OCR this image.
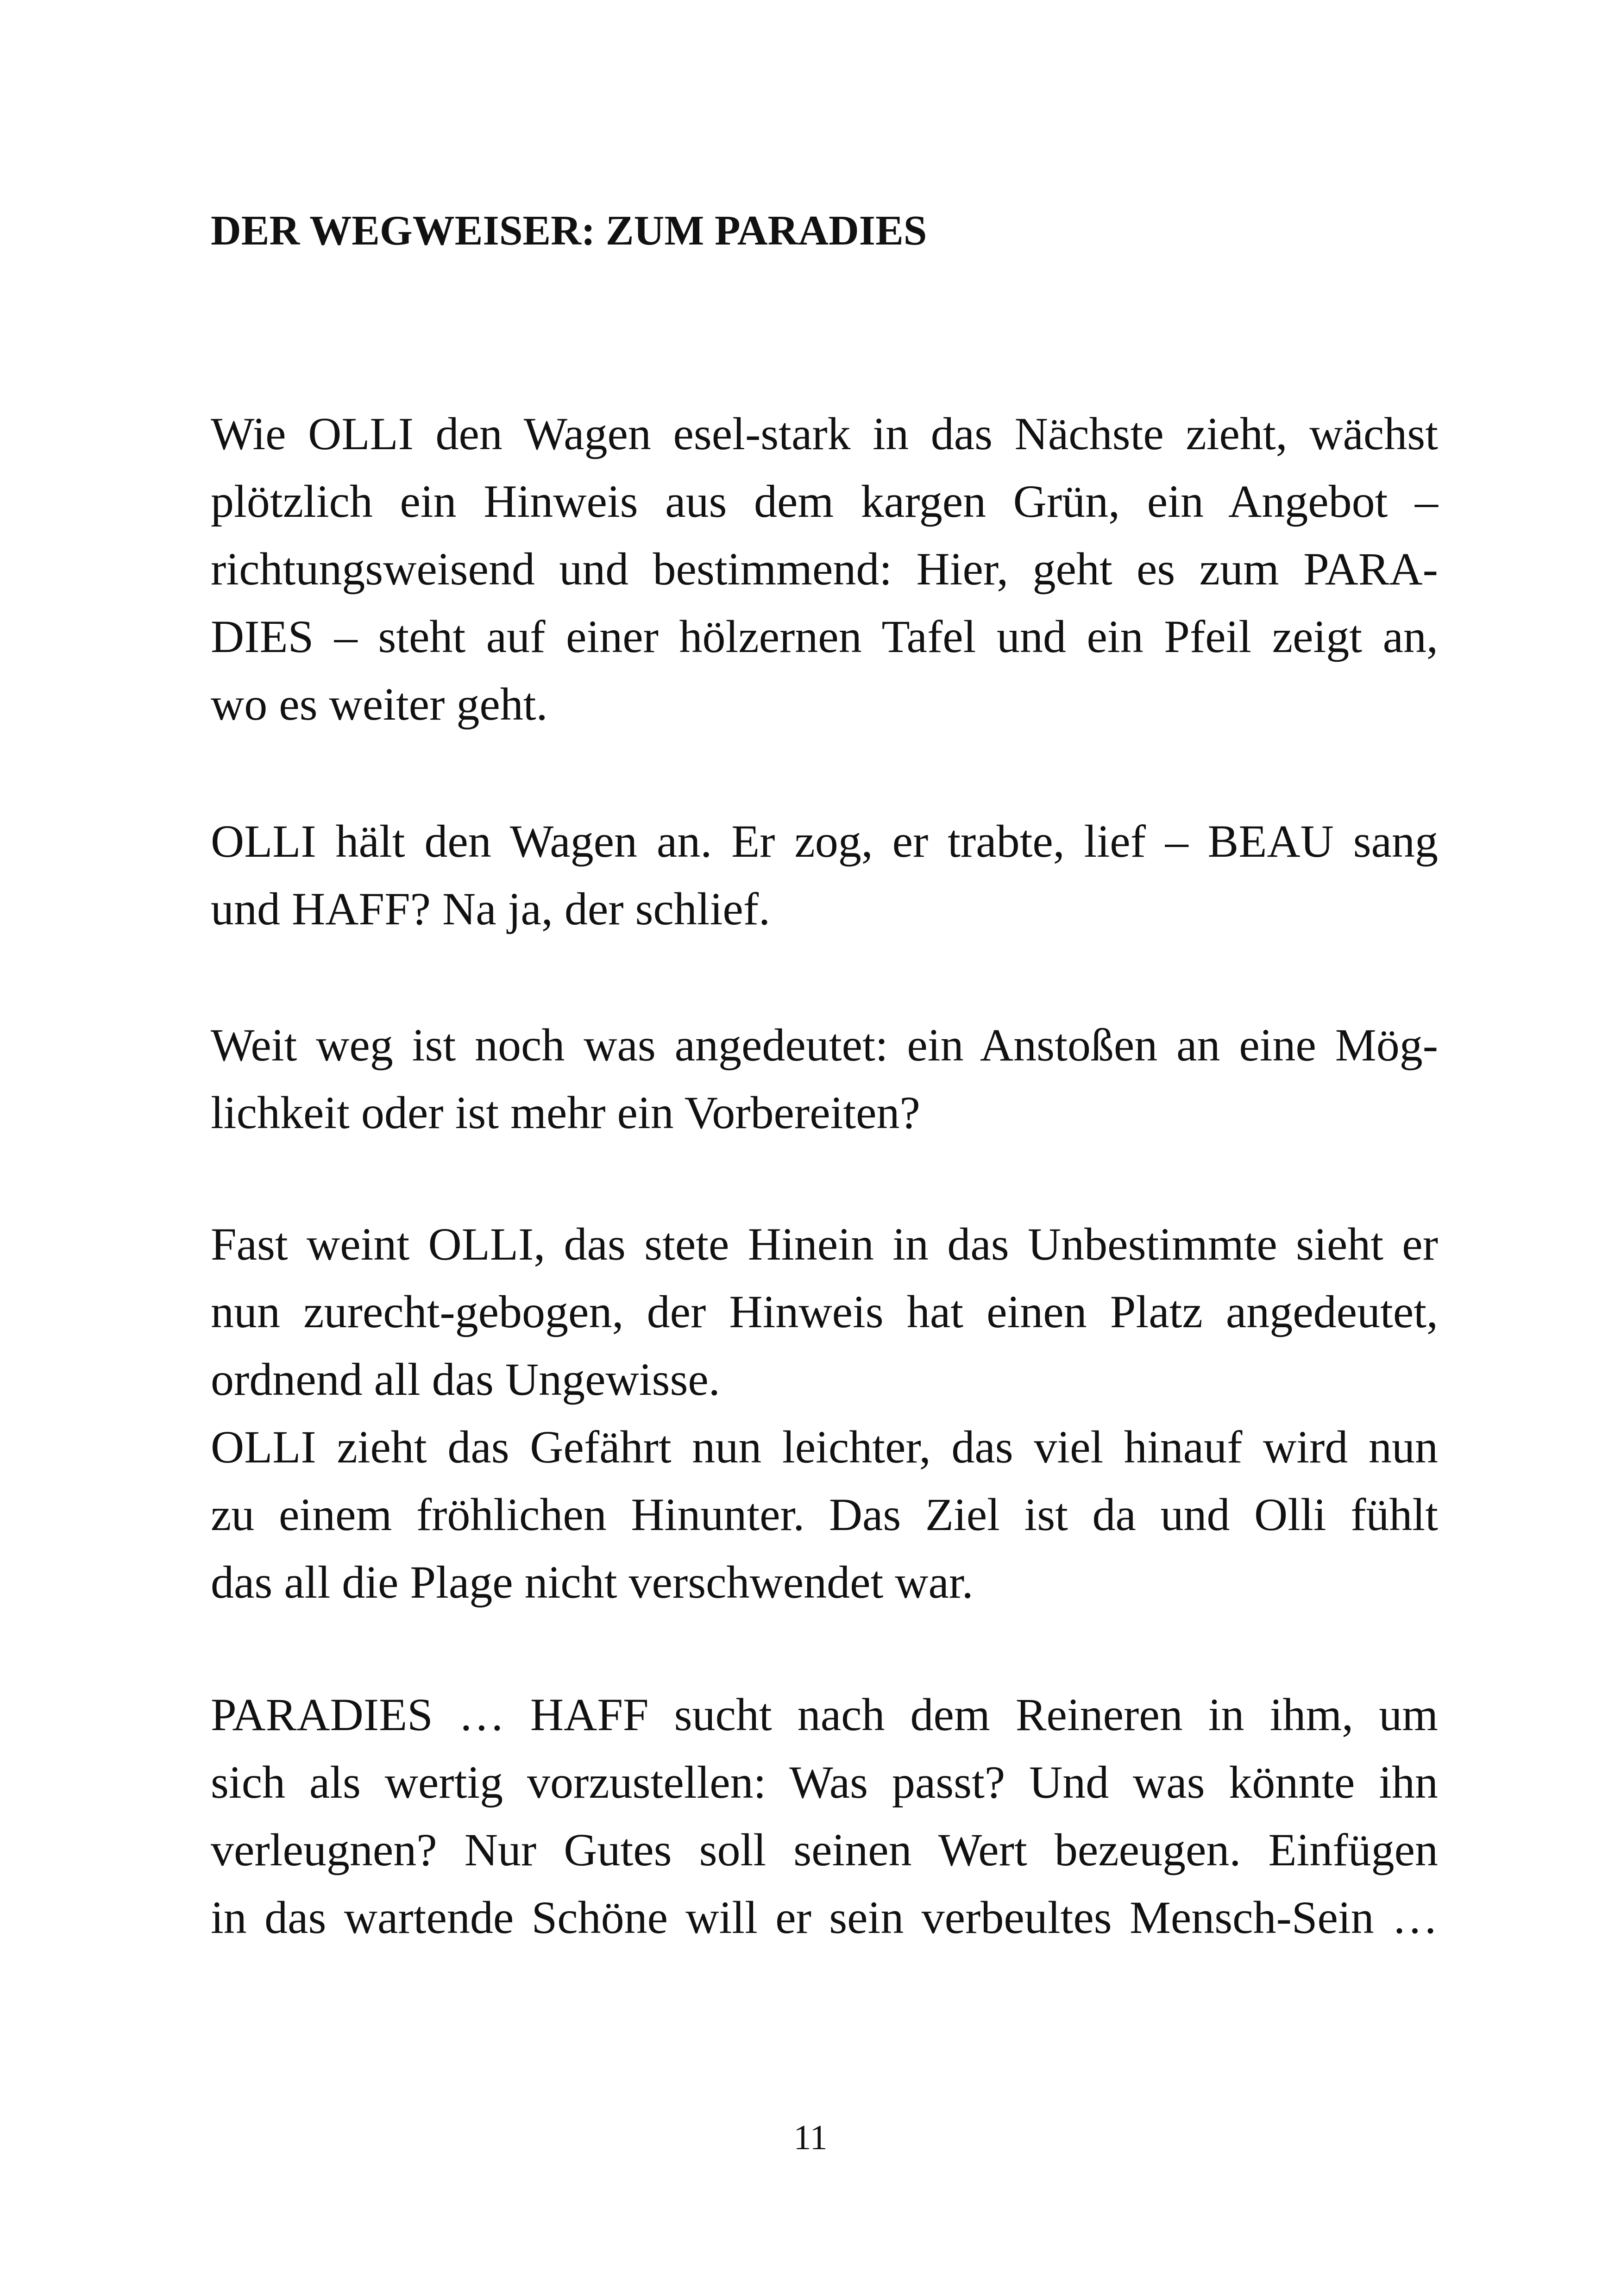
DER WEGWEISER: ZUM PARADIES
Wie OLLI den Wagen esel-stark in das Nächste zieht, wächst
plötzlich ein Hinweis aus dem kargen Grün, ein Angebot –
richtungsweisend und bestimmend: Hier, geht es zum PARA-
DIES – steht auf einer hölzernen Tafel und ein Pfeil zeigt an,
wo es weiter geht.
OLLI hält den Wagen an. Er zog, er trabte, lief – BEAU sang
und HAFF? Na ja, der schlief.
Weit weg ist noch was angedeutet: ein Anstoßen an eine Mög-
lichkeit oder ist mehr ein Vorbereiten?
Fast weint OLLI, das stete Hinein in das Unbestimmte sieht er
nun zurecht-gebogen, der Hinweis hat einen Platz angedeutet,
ordnend all das Ungewisse.
OLLI zieht das Gefährt nun leichter, das viel hinauf wird nun
zu einem fröhlichen Hinunter. Das Ziel ist da und Olli fühlt
das all die Plage nicht verschwendet war.
PARADIES … HAFF sucht nach dem Reineren in ihm, um
sich als wertig vorzustellen: Was passt? Und was könnte ihn
verleugnen? Nur Gutes soll seinen Wert bezeugen. Einfügen
in das wartende Schöne will er sein verbeultes Mensch-Sein …

11
